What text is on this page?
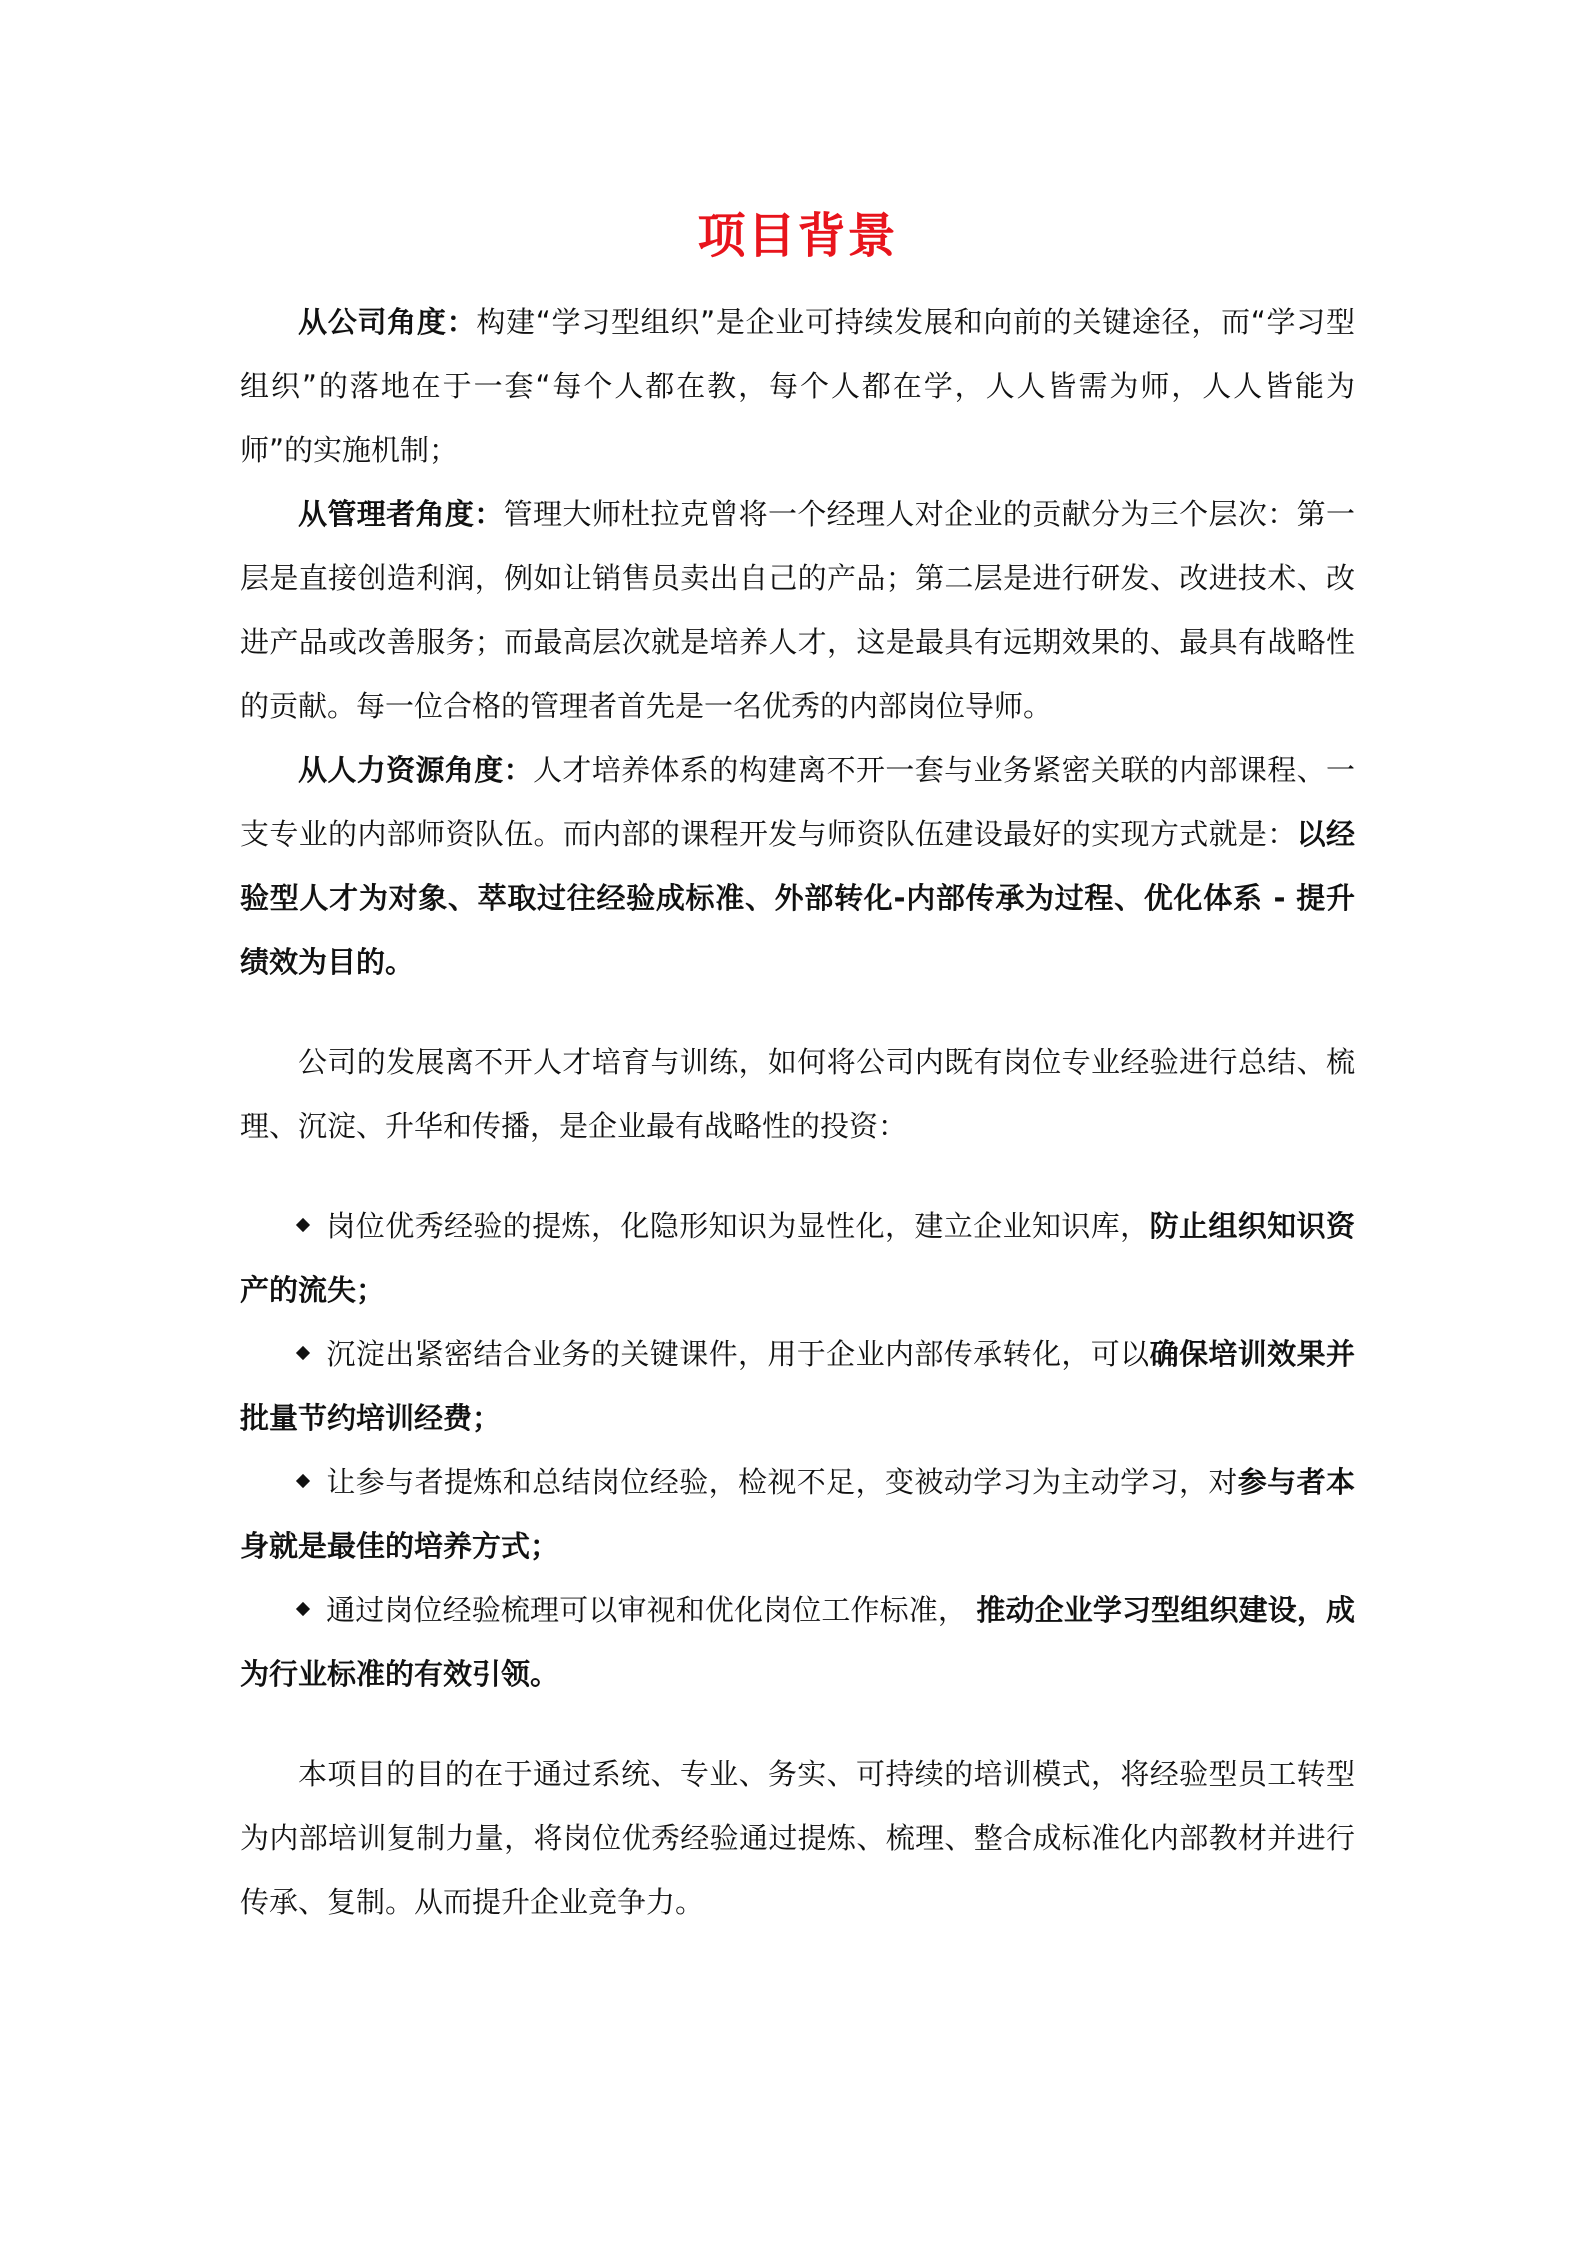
项目背景

从公司角度：构建“学习型组织”是企业可持续发展和向前的关键途径，而“学习型组织”的落地在于一套“每个人都在教，每个人都在学，人人皆需为师，人人皆能为师”的实施机制；

从管理者角度：管理大师杜拉克曾将一个经理人对企业的贡献分为三个层次：第一层是直接创造利润，例如让销售员卖出自己的产品；第二层是进行研发、改进技术、改进产品或改善服务；而最高层次就是培养人才，这是最具有远期效果的、最具有战略性的贡献。每一位合格的管理者首先是一名优秀的内部岗位导师。

从人力资源角度：人才培养体系的构建离不开一套与业务紧密关联的内部课程、一支专业的内部师资队伍。而内部的课程开发与师资队伍建设最好的实现方式就是：以经验型人才为对象、萃取过往经验成标准、外部转化-内部传承为过程、优化体系 - 提升绩效为目的。

公司的发展离不开人才培育与训练，如何将公司内既有岗位专业经验进行总结、梳理、沉淀、升华和传播，是企业最有战略性的投资：

岗位优秀经验的提炼，化隐形知识为显性化，建立企业知识库，防止组织知识资产的流失；

沉淀出紧密结合业务的关键课件，用于企业内部传承转化，可以确保培训效果并批量节约培训经费；

让参与者提炼和总结岗位经验，检视不足，变被动学习为主动学习，对参与者本身就是最佳的培养方式；

通过岗位经验梳理可以审视和优化岗位工作标准， 推动企业学习型组织建设，成为行业标准的有效引领。

本项目的目的在于通过系统、专业、务实、可持续的培训模式，将经验型员工转型为内部培训复制力量，将岗位优秀经验通过提炼、梳理、整合成标准化内部教材并进行传承、复制。从而提升企业竞争力。
